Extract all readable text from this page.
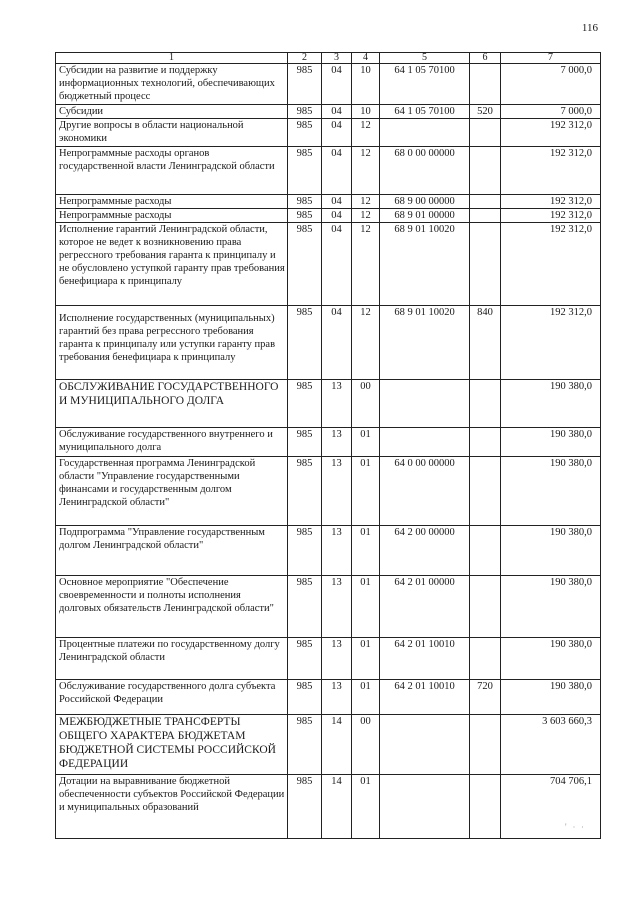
116
1	2	3	4	5	6	7
Субсидии на развитие и поддержку информационных технологий, обеспечивающих бюджетный процесс	985	04	10	64 1 05 70100		7 000,0
Субсидии	985	04	10	64 1 05 70100	520	7 000,0
Другие вопросы в области национальной экономики	985	04	12			192 312,0
Непрограммные расходы органов государственной власти Ленинградской области	985	04	12	68 0 00 00000		192 312,0
Непрограммные расходы	985	04	12	68 9 00 00000		192 312,0
Непрограммные расходы	985	04	12	68 9 01 00000		192 312,0
Исполнение гарантий Ленинградской области, которое не ведет к возникновению права регрессного требования гаранта к принципалу и не обусловлено уступкой гаранту прав требования бенефициара к принципалу	985	04	12	68 9 01 10020		192 312,0
Исполнение государственных (муниципальных) гарантий без права регрессного требования гаранта к принципалу или уступки гаранту прав требования бенефициара к принципалу	985	04	12	68 9 01 10020	840	192 312,0
ОБСЛУЖИВАНИЕ ГОСУДАРСТВЕННОГО И МУНИЦИПАЛЬНОГО ДОЛГА	985	13	00			190 380,0
Обслуживание государственного внутреннего и муниципального долга	985	13	01			190 380,0
Государственная программа Ленинградской области "Управление государственными финансами и государственным долгом Ленинградской области"	985	13	01	64 0 00 00000		190 380,0
Подпрограмма "Управление государственным долгом Ленинградской области"	985	13	01	64 2 00 00000		190 380,0
Основное мероприятие "Обеспечение своевременности и полноты исполнения долговых обязательств Ленинградской области"	985	13	01	64 2 01 00000		190 380,0
Процентные платежи по государственному долгу Ленинградской области	985	13	01	64 2 01 10010		190 380,0
Обслуживание государственного долга субъекта Российской Федерации	985	13	01	64 2 01 10010	720	190 380,0
МЕЖБЮДЖЕТНЫЕ ТРАНСФЕРТЫ ОБЩЕГО ХАРАКТЕРА БЮДЖЕТАМ БЮДЖЕТНОЙ СИСТЕМЫ РОССИЙСКОЙ ФЕДЕРАЦИИ	985	14	00			3 603 660,3
Дотации на выравнивание бюджетной обеспеченности субъектов Российской Федерации и муниципальных образований	985	14	01			704 706,1
' ∙ ∙
